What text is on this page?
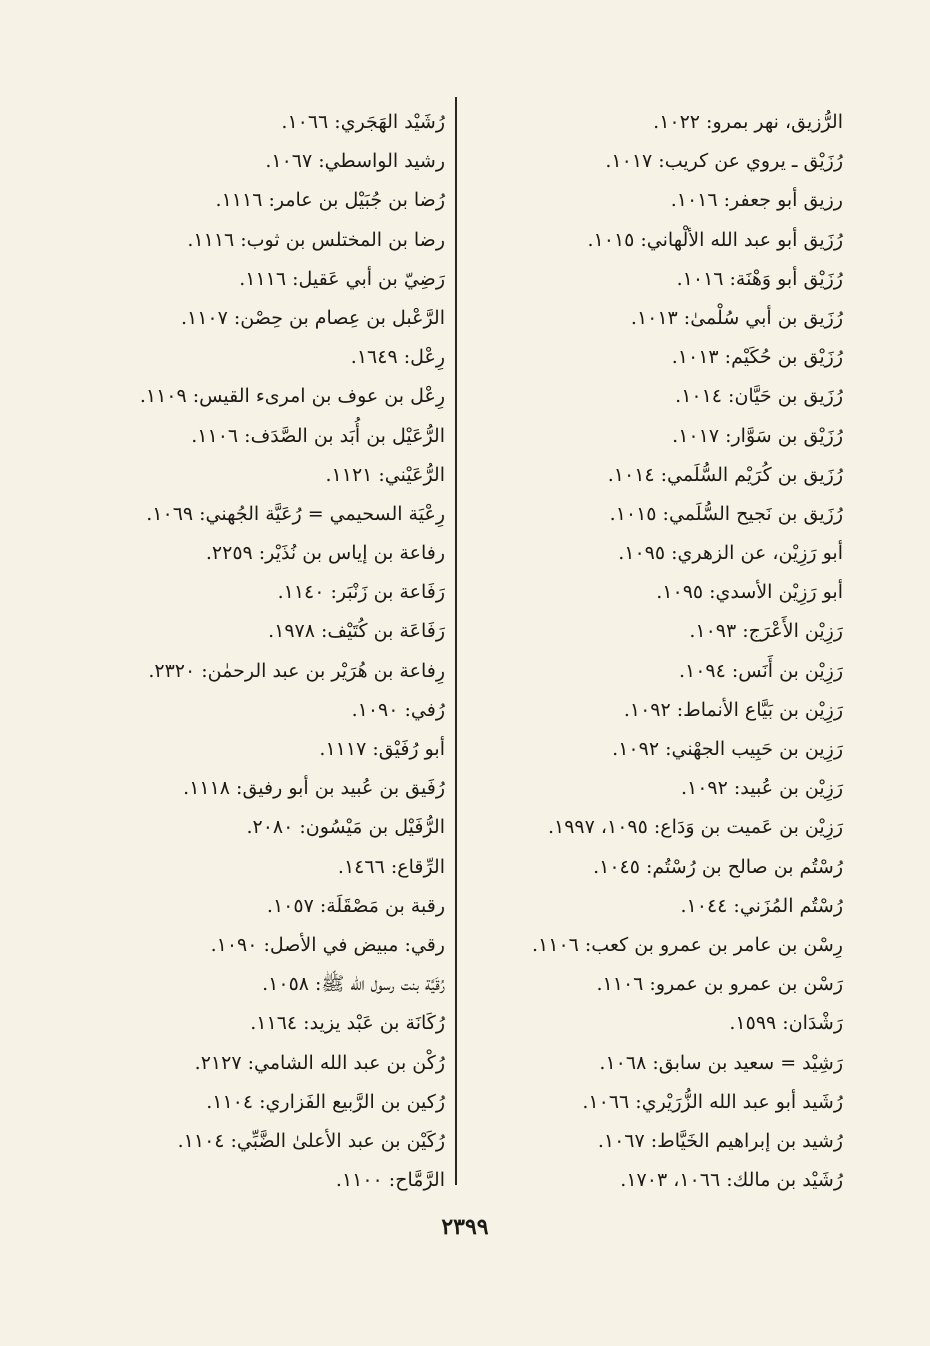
الرُّزيق، نهر بمرو: ١٠٢٢.
رُزَيْق ـ يروي عن كريب: ١٠١٧.
رزيق أبو جعفر: ١٠١٦.
رُزَيق أبو عبد الله الألْهاني: ١٠١٥.
رُزَيْق أبو وَهْنَة: ١٠١٦.
رُزَيق بن أبي سُلْمىٰ: ١٠١٣.
رُزَيْق بن حُكَيْم: ١٠١٣.
رُزَيق بن حَيَّان: ١٠١٤.
رُزَيْق بن سَوَّار: ١٠١٧.
رُزَيق بن كُرَيْم السُّلَمي: ١٠١٤.
رُزَيق بن نَجيح السُّلَمي: ١٠١٥.
أبو رَزِيْن، عن الزهري: ١٠٩٥.
أبو رَزِيْن الأسدي: ١٠٩٥.
رَزِيْن الأَعْرَج: ١٠٩٣.
رَزِيْن بن أَنَس: ١٠٩٤.
رَزِيْن بن بَيَّاع الأنماط: ١٠٩٢.
رَزِين بن حَبِيب الجهْني: ١٠٩٢.
رَزِيْن بن عُبيد: ١٠٩٢.
رَزِيْن بن عَميت بن وَدَاع: ١٠٩٥، ١٩٩٧.
رُسْتُم بن صالح بن رُسْتُم: ١٠٤٥.
رُسْتُم المُزَني: ١٠٤٤.
رِسْن بن عامر بن عمرو بن كعب: ١١٠٦.
رَسْن بن عمرو بن عمرو: ١١٠٦.
رَشْدَان: ١٥٩٩.
رَشِيْد = سعيد بن سابق: ١٠٦٨.
رُشَيد أبو عبد الله الزُّرَيْري: ١٠٦٦.
رُشيد بن إبراهيم الخَيَّاط: ١٠٦٧.
رُشَيْد بن مالك: ١٠٦٦، ١٧٠٣.
رُشَيْد الهَجَري: ١٠٦٦.
رشيد الواسطي: ١٠٦٧.
رُضا بن جُبَيْل بن عامر: ١١١٦.
رضا بن المختلس بن ثوب: ١١١٦.
رَضِيّ بن أبي عَقيل: ١١١٦.
الرَّعْبل بن عِصام بن حِصْن: ١١٠٧.
رِعْل: ١٦٤٩.
رِعْل بن عوف بن امرىء القيس: ١١٠٩.
الرُّعَيْل بن أُبَد بن الصَّدَف: ١١٠٦.
الرُّعَيْني: ١١٢١.
رِعْيَة السحيمي = رُعَيَّة الجُهني: ١٠٦٩.
رفاعة بن إياس بن نُذَيْر: ٢٢٥٩.
رَفَاعة بن زَنْبَر: ١١٤٠.
رَفَاعَة بن كُتَيْف: ١٩٧٨.
رِفاعة بن هُرَيْر بن عبد الرحمٰن: ٢٣٢٠.
رُفي: ١٠٩٠.
أبو رُفَيْق: ١١١٧.
رُفَيق بن عُبيد بن أبو رفيق: ١١١٨.
الرُّفَيْل بن مَيْسُون: ٢٠٨٠.
الرِّقاع: ١٤٦٦.
رقبة بن مَصْقَلَة: ١٠٥٧.
رقي: مبيض في الأصل: ١٠٩٠.
رُقَيَّة بنت رسول الله ﷺ: ١٠٥٨.
رُكَانَة بن عَبْد يزيد: ١١٦٤.
رُكْن بن عبد الله الشامي: ٢١٢٧.
رُكين بن الرَّبيع الفَزاري: ١١٠٤.
رُكَيْن بن عبد الأعلىٰ الضَّبِّي: ١١٠٤.
الرَّمَّاح: ١١٠٠.
٢٣٩٩
